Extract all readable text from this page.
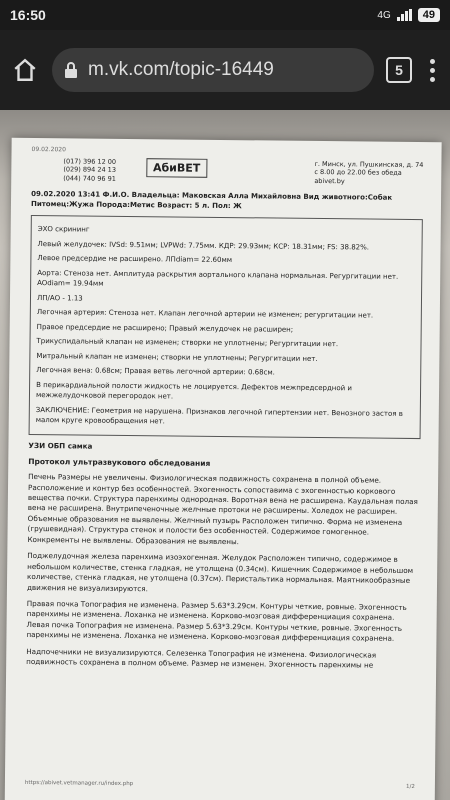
16:50	4G	49
m.vk.com/topic-16449	5
09.02.2020
(017) 396 12 00
(029) 894 24 13
(044) 740 96 91
АбиВЕТ	г. Минск, ул. Пушкинская, д. 74
с 8.00 до 22.00 без обеда
abivet.by
09.02.2020 13:41 Ф.И.О. Владельца: Маковская Алла Михайловна Вид животного:Собак
Питомец:Жужа Порода:Метис Возраст: 5 л. Пол: Ж

ЭХО скрининг

Левый желудочек: IVSd: 9.51мм; LVPWd: 7.75мм. КДР: 29.93мм; КСР: 18.31мм; FS: 38.82%.

Левое предсердие не расширено. ЛПdiam= 22.60мм

Аорта: Стеноза нет. Амплитуда раскрытия аортального клапана нормальная. Регургитации нет. AOdiam= 19.94мм

ЛП/АО - 1.13

Легочная артерия: Стеноза нет. Клапан легочной артерии не изменен; регургитации нет.

Правое предсердие не расширено; Правый желудочек не расширен;

Трикуспидальный клапан не изменен; створки не уплотнены; Регургитации нет.

Митральный клапан не изменен; створки не уплотнены; Регургитации нет.

Легочная вена: 0.68см; Правая ветвь легочной артерии: 0.68см.

В перикардиальной полости жидкость не лоцируется. Дефектов межпредсердной и межжелудочковой перегородок нет.

ЗАКЛЮЧЕНИЕ: Геометрия не нарушена. Признаков легочной гипертензии нет. Венозного застоя в малом круге кровообращения нет.

УЗИ ОБП самка

Протокол ультразвукового обследования

Печень Размеры не увеличены. Физиологическая подвижность сохранена в полной объеме. Расположение и контур без особенностей. Эхогенность сопоставима с эхогенностью коркового вещества почки. Структура паренхимы однородная. Воротная вена не расширена. Каудальная полая вена не расширена. Внутрипеченочные желчные протоки не расширены. Холедох не расширен. Объемные образования не выявлены. Желчный пузырь Расположен типично. Форма не изменена (грушевидная). Структура стенок и полости без особенностей. Содержимое гомогенное. Конкременты не выявлены. Образования не выявлены.

Поджелудочная железа паренхима изоэхогенная. Желудок Расположен типично, содержимое в небольшом количестве, стенка гладкая, не утолщена (0.34см). Кишечник Содержимое в небольшом количестве, стенка гладкая, не утолщена (0.37см). Перистальтика нормальная. Маятникообразные движения не визуализируются.

Правая почка Топография не изменена. Размер 5.63*3.29см. Контуры четкие, ровные. Эхогенность паренхимы не изменена. Лоханка не изменена. Корково-мозговая дифференциация сохранена. Левая почка Топография не изменена. Размер 5.63*3.29см. Контуры четкие, ровные. Эхогенность паренхимы не изменена. Лоханка не изменена. Корково-мозговая дифференциация сохранена.

Надпочечники не визуализируются. Селезенка Топография не изменена. Физиологическая подвижность сохранена в полном объеме. Размер не изменен. Эхогенность паренхимы не

https://abivet.vetmanager.ru/index.php	1/2
